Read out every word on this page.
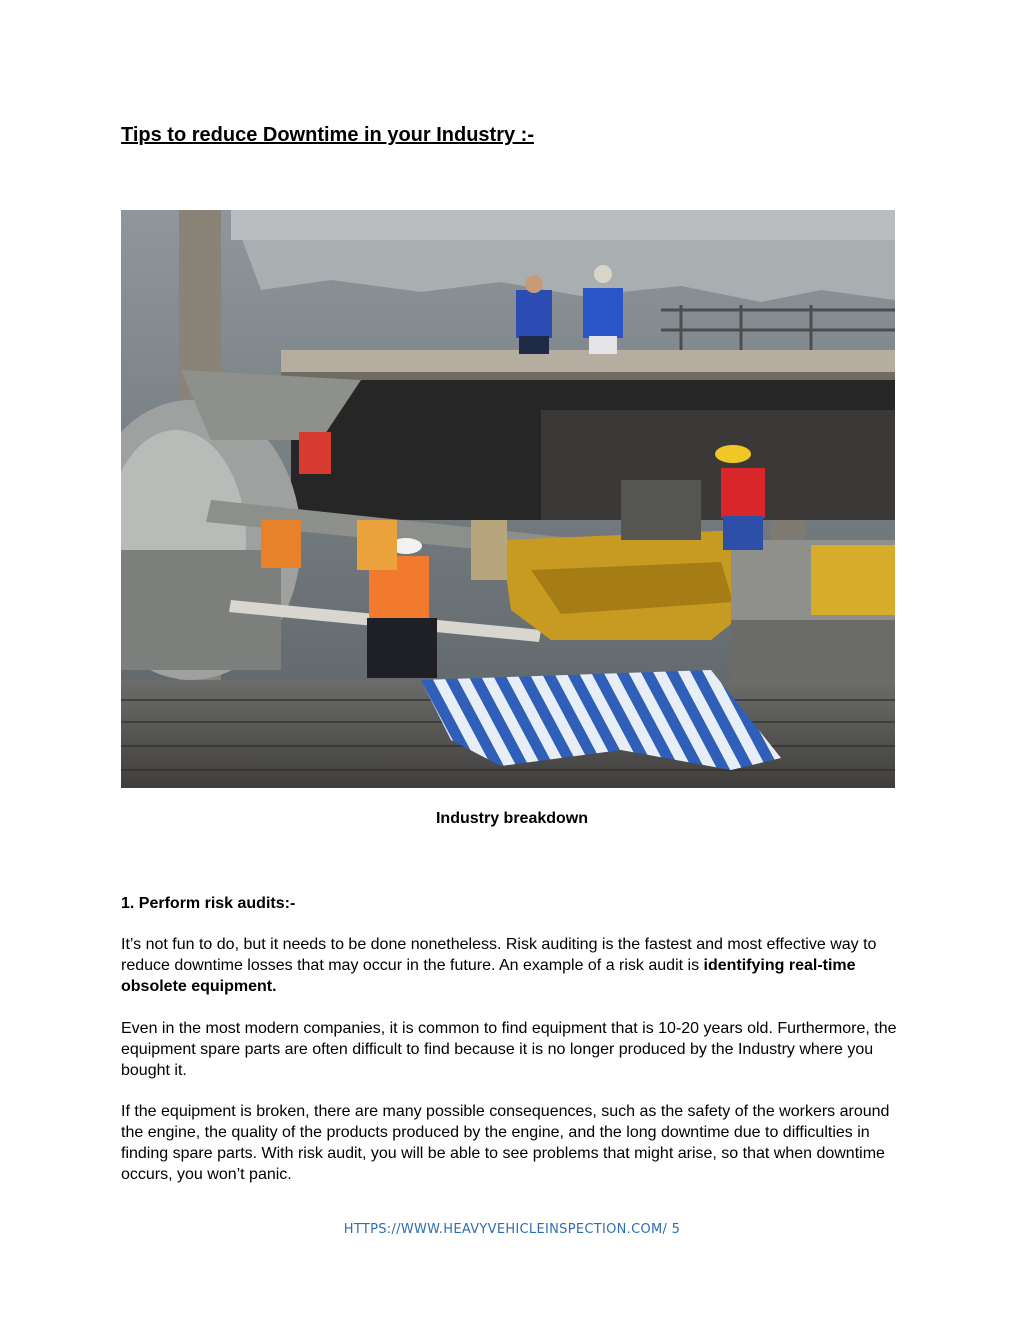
Tips to reduce Downtime in your Industry :-

Industry breakdown

1. Perform risk audits:-

It’s not fun to do, but it needs to be done nonetheless. Risk auditing is the fastest and most effective way to reduce downtime losses that may occur in the future. An example of a risk audit is identifying real-time obsolete equipment.

Even in the most modern companies, it is common to find equipment that is 10-20 years old. Furthermore, the equipment spare parts are often difficult to find because it is no longer produced by the Industry where you bought it.

If the equipment is broken, there are many possible consequences, such as the safety of the workers around the engine, the quality of the products produced by the engine, and the long downtime due to difficulties in finding spare parts. With risk audit, you will be able to see problems that might arise, so that when downtime occurs, you won’t panic.

HTTPS://WWW.HEAVYVEHICLEINSPECTION.COM/ 5
